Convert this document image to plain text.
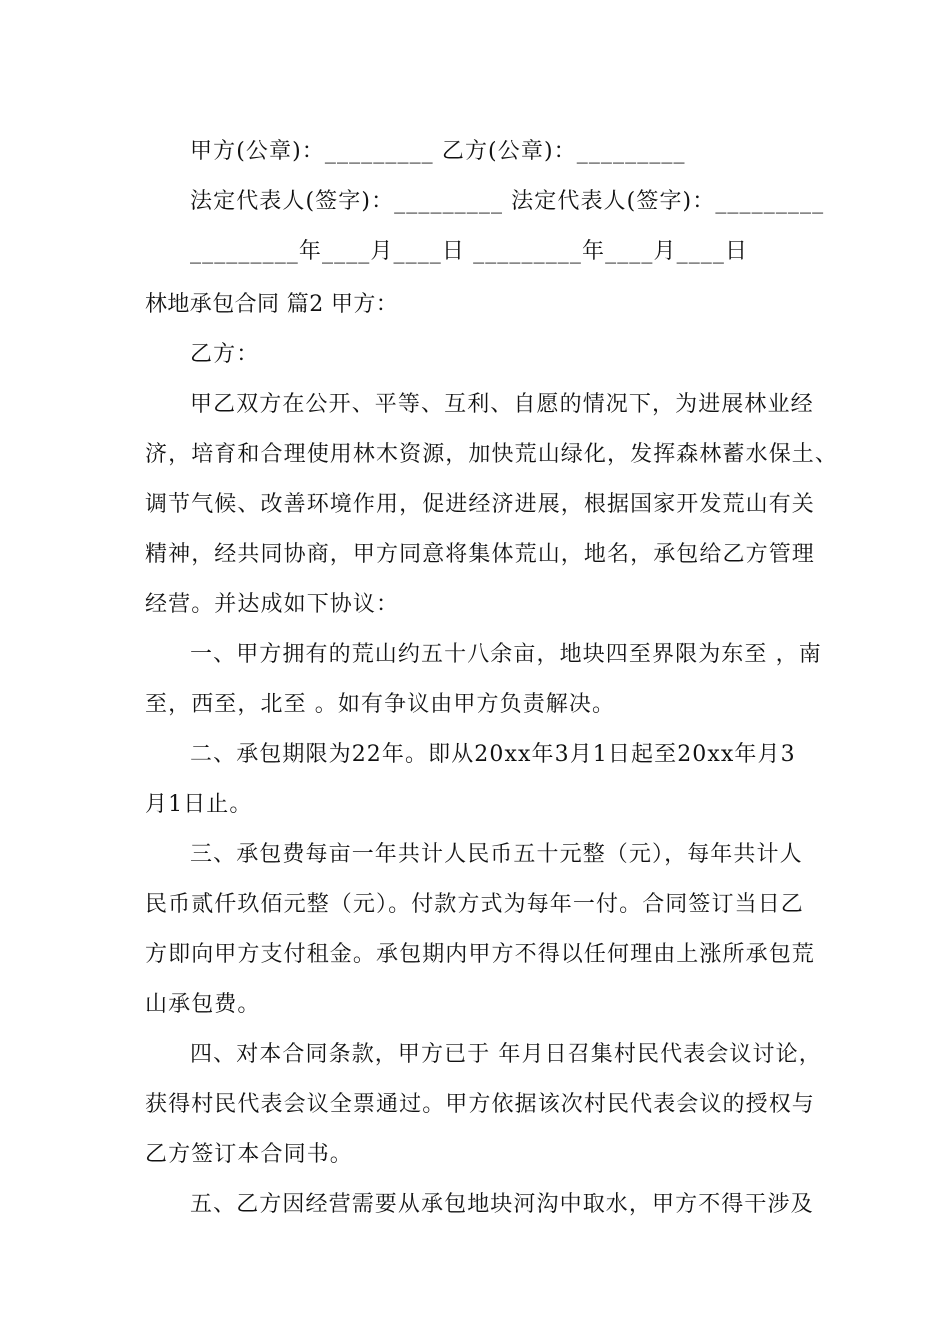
甲方(公章)：_________ 乙方(公章)：_________
法定代表人(签字)：_________ 法定代表人(签字)：_________
_________年____月____日 _________年____月____日
林地承包合同 篇2 甲方：
乙方：
甲乙双方在公开、平等、互利、自愿的情况下，为进展林业经
济，培育和合理使用林木资源，加快荒山绿化，发挥森林蓄水保土、
调节气候、改善环境作用，促进经济进展，根据国家开发荒山有关
精神，经共同协商，甲方同意将集体荒山，地名，承包给乙方管理
经营。并达成如下协议：
一、甲方拥有的荒山约五十八余亩，地块四至界限为东至 ，南
至，西至，北至 。如有争议由甲方负责解决。
二、承包期限为22年。即从20xx年3月1日起至20xx年月3
月1日止。
三、承包费每亩一年共计人民币五十元整（元），每年共计人
民币贰仟玖佰元整（元）。付款方式为每年一付。合同签订当日乙
方即向甲方支付租金。承包期内甲方不得以任何理由上涨所承包荒
山承包费。
四、对本合同条款，甲方已于 年月日召集村民代表会议讨论，
获得村民代表会议全票通过。甲方依据该次村民代表会议的授权与
乙方签订本合同书。
五、乙方因经营需要从承包地块河沟中取水，甲方不得干涉及
